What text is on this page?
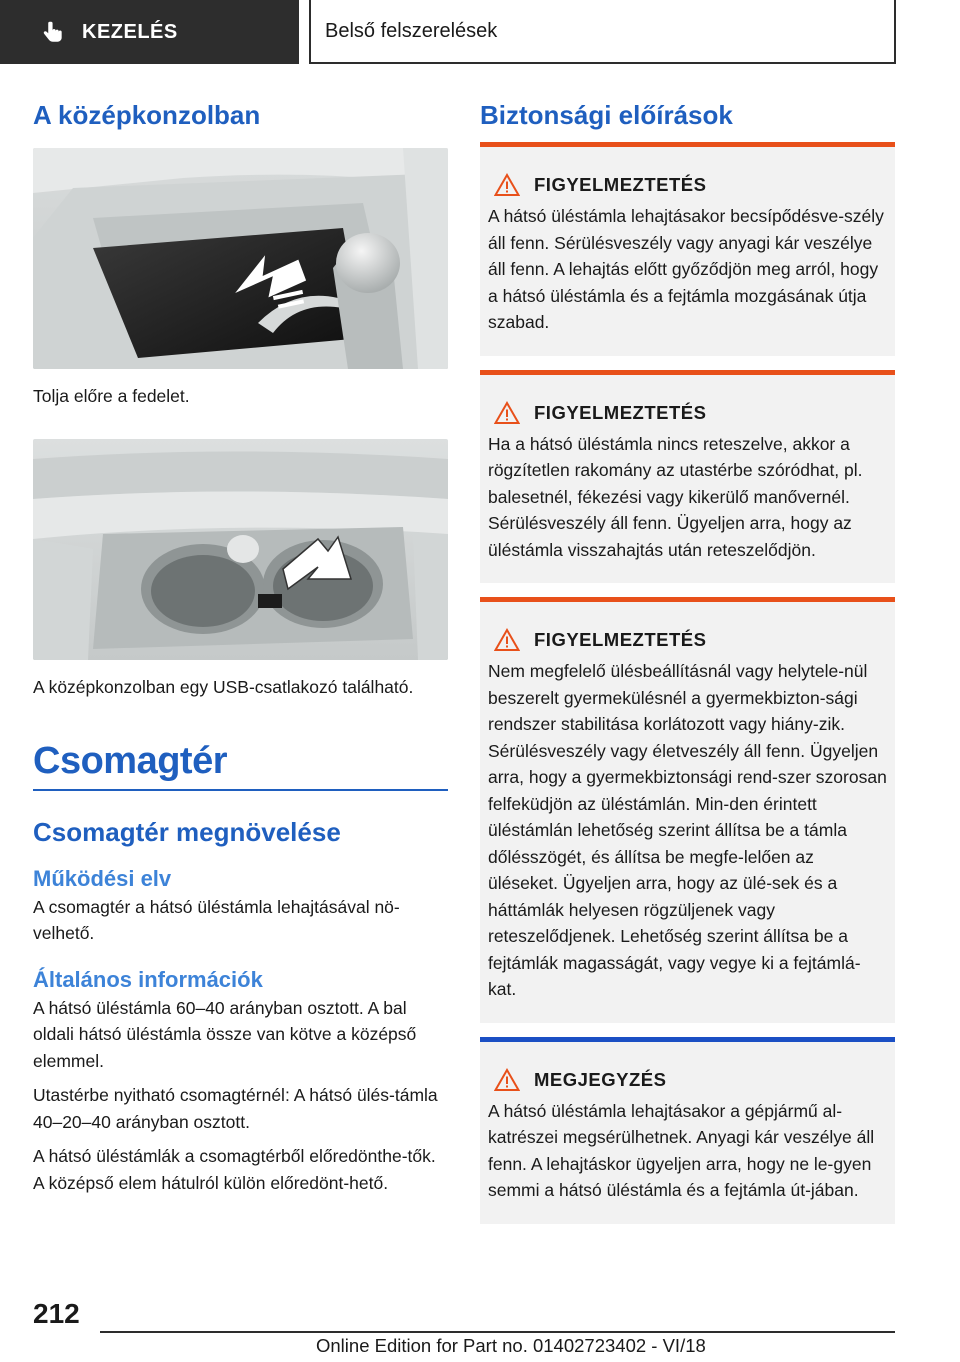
KEZELÉS	Belső felszerelések
A középkonzolban
Tolja előre a fedelet.
A középkonzolban egy USB-csatlakozó található.
Csomagtér
Csomagtér megnövelése
Működési elv
A csomagtér a hátsó üléstámla lehajtásával nö-velhető.
Általános információk
A hátsó üléstámla 60–40 arányban osztott. A bal oldali hátsó üléstámla össze van kötve a középső elemmel.
Utastérbe nyitható csomagtérnél: A hátsó ülés-támla 40–20–40 arányban osztott.
A hátsó üléstámlák a csomagtérből előredönthe-tők. A középső elem hátulról külön előredönt-hető.
Biztonsági előírások
FIGYELMEZTETÉS
A hátsó üléstámla lehajtásakor becsípődésve-szély áll fenn. Sérülésveszély vagy anyagi kár veszélye áll fenn. A lehajtás előtt győződjön meg arról, hogy a hátsó üléstámla és a fejtámla mozgásának útja szabad.
FIGYELMEZTETÉS
Ha a hátsó üléstámla nincs reteszelve, akkor a rögzítetlen rakomány az utastérbe szóródhat, pl. balesetnél, fékezési vagy kikerülő manővernél. Sérülésveszély áll fenn. Ügyeljen arra, hogy az üléstámla visszahajtás után reteszelődjön.
FIGYELMEZTETÉS
Nem megfelelő ülésbeállításnál vagy helytele-nül beszerelt gyermekülésnél a gyermekbizton-sági rendszer stabilitása korlátozott vagy hiány-zik. Sérülésveszély vagy életveszély áll fenn. Ügyeljen arra, hogy a gyermekbiztonsági rend-szer szorosan felfeküdjön az üléstámlán. Min-den érintett üléstámlán lehetőség szerint állítsa be a támla dőlésszögét, és állítsa be megfe-lelően az üléseket. Ügyeljen arra, hogy az ülé-sek és a háttámlák helyesen rögzüljenek vagy reteszelődjenek. Lehetőség szerint állítsa be a fejtámlák magasságát, vagy vegye ki a fejtámlá-kat.
MEGJEGYZÉS
A hátsó üléstámla lehajtásakor a gépjármű al-katrészei megsérülhetnek. Anyagi kár veszélye áll fenn. A lehajtáskor ügyeljen arra, hogy ne le-gyen semmi a hátsó üléstámla és a fejtámla út-jában.
212
Online Edition for Part no. 01402723402 - VI/18
